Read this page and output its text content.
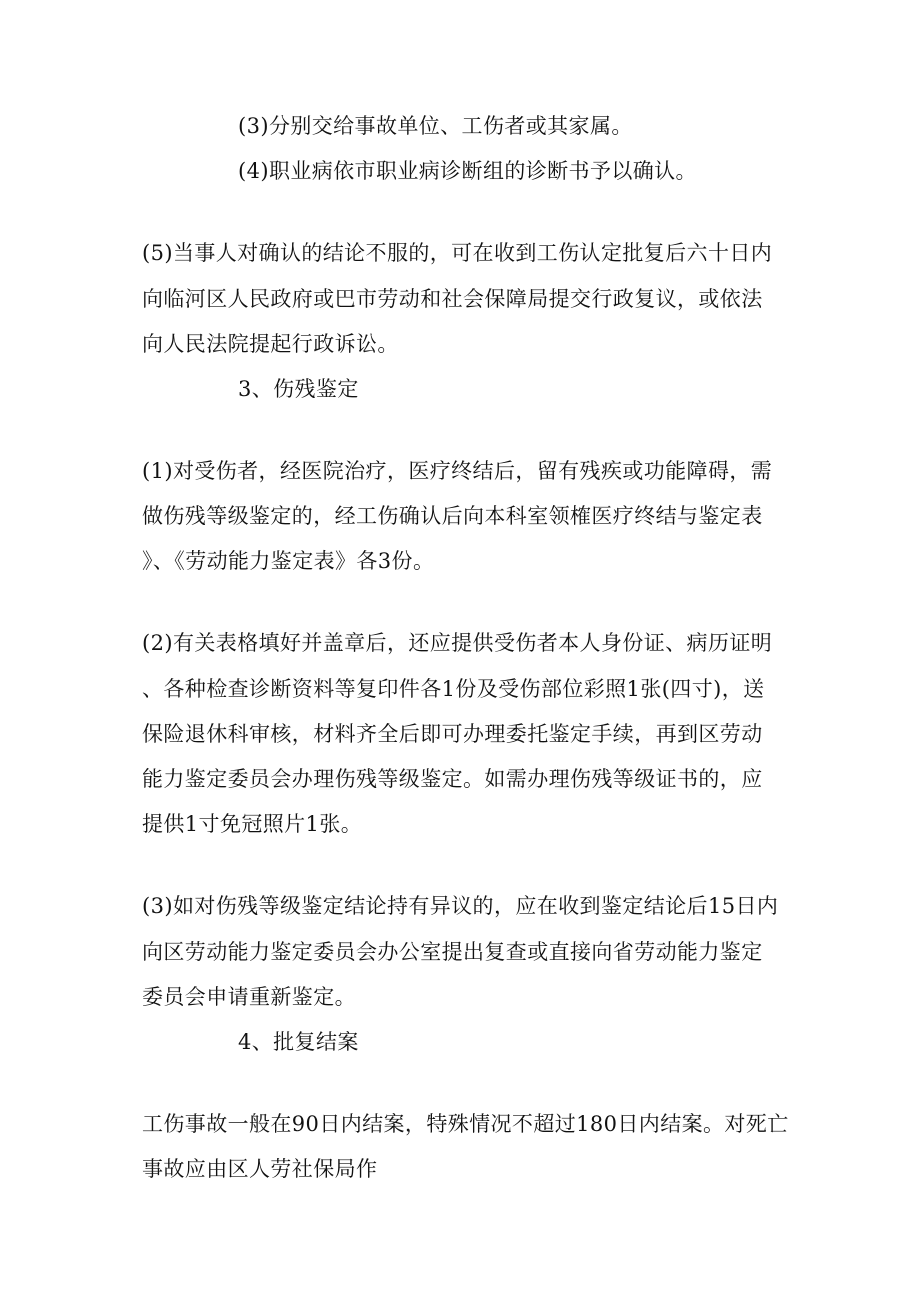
(3)分别交给事故单位、工伤者或其家属。
(4)职业病依市职业病诊断组的诊断书予以确认。
(5)当事人对确认的结论不服的，可在收到工伤认定批复后六十日内
向临河区人民政府或巴市劳动和社会保障局提交行政复议，或依法
向人民法院提起行政诉讼。
3、伤残鉴定
(1)对受伤者，经医院治疗，医疗终结后，留有残疾或功能障碍，需
做伤残等级鉴定的，经工伤确认后向本科室领榷医疗终结与鉴定表
》、《劳动能力鉴定表》各3份。
(2)有关表格填好并盖章后，还应提供受伤者本人身份证、病历证明
、各种检查诊断资料等复印件各1份及受伤部位彩照1张(四寸)，送
保险退休科审核，材料齐全后即可办理委托鉴定手续，再到区劳动
能力鉴定委员会办理伤残等级鉴定。如需办理伤残等级证书的，应
提供1寸免冠照片1张。
(3)如对伤残等级鉴定结论持有异议的，应在收到鉴定结论后15日内
向区劳动能力鉴定委员会办公室提出复查或直接向省劳动能力鉴定
委员会申请重新鉴定。
4、批复结案
工伤事故一般在90日内结案，特殊情况不超过180日内结案。对死亡
事故应由区人劳社保局作
